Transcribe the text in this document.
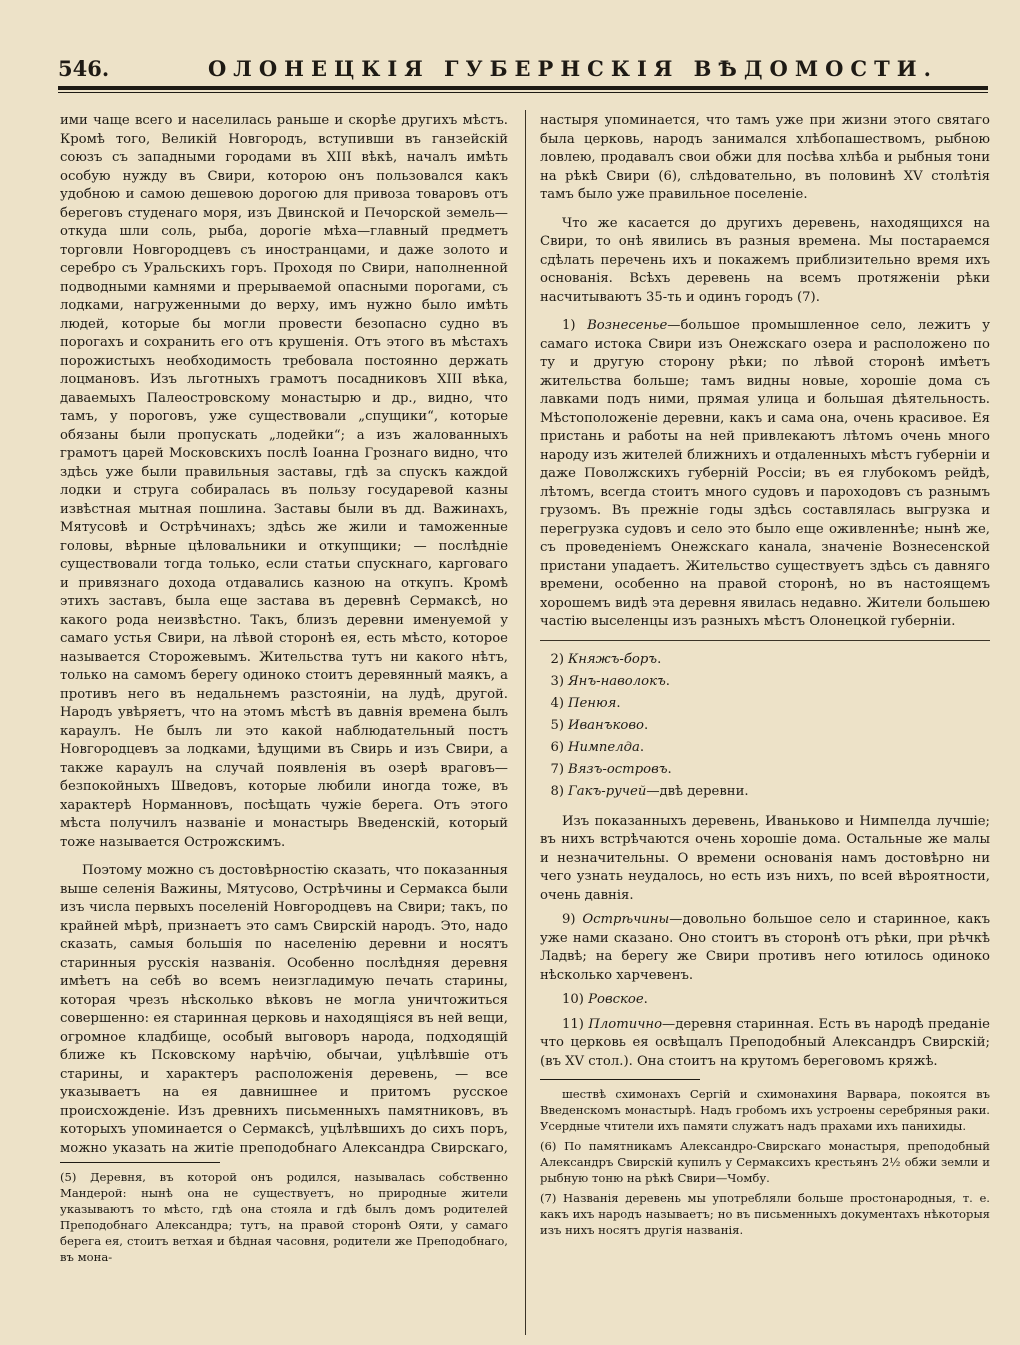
546.	ОЛОНЕЦКІЯ ГУБЕРНСКІЯ ВѢДОМОСТИ.

ими чаще всего и населилась раньше и скорѣе другихъ мѣстъ. Кромѣ того, Великій Новгородъ, вступивши въ ганзейскій союзъ съ западными городами въ XIII вѣкѣ, началъ имѣть особую нужду въ Свири, которою онъ пользовался какъ удобною и самою дешевою дорогою для привоза товаровъ отъ береговъ студенаго моря, изъ Двинской и Печорской земель—откуда шли соль, рыба, дорогіе мѣха—главный предметъ торговли Новгородцевъ съ иностранцами, и даже золото и серебро съ Уральскихъ горъ. Проходя по Свири, наполненной подводными камнями и прерываемой опасными порогами, съ лодками, нагруженными до верху, имъ нужно было имѣть людей, которые бы могли провести безопасно судно въ порогахъ и сохранить его отъ крушенія. Отъ этого въ мѣстахъ порожистыхъ необходимость требовала постоянно держать лоцмановъ. Изъ льготныхъ грамотъ посадниковъ XIII вѣка, даваемыхъ Палеостровскому монастырю и др., видно, что тамъ, у пороговъ, уже существовали „спущики“, которые обязаны были пропускать „лодейки“; а изъ жалованныхъ грамотъ царей Московскихъ послѣ Іоанна Грознаго видно, что здѣсь уже были правильныя заставы, гдѣ за спускъ каждой лодки и струга собиралась въ пользу государевой казны извѣстная мытная пошлина. Заставы были въ дд. Важинахъ, Мятусовѣ и Острѣчинахъ; здѣсь же жили и таможенные головы, вѣрные цѣловальники и откупщики; — послѣдніе существовали тогда только, если статьи спускнаго, карговаго и привязнаго дохода отдавались казною на откупъ. Кромѣ этихъ заставъ, была еще застава въ деревнѣ Сермаксѣ, но какого рода неизвѣстно. Такъ, близъ деревни именуемой у самаго устья Свири, на лѣвой сторонѣ ея, есть мѣсто, которое называется Сторожевымъ. Жительства тутъ ни какого нѣтъ, только на самомъ берегу одиноко стоитъ деревянный маякъ, а противъ него въ недальнемъ разстояніи, на лудѣ, другой. Народъ увѣряетъ, что на этомъ мѣстѣ въ давнія времена былъ караулъ. Не былъ ли это какой наблюдательный постъ Новгородцевъ за лодками, ѣдущими въ Свирь и изъ Свири, а также караулъ на случай появленія въ озерѣ враговъ—безпокойныхъ Шведовъ, которые любили иногда тоже, въ характерѣ Норманновъ, посѣщать чужіе берега. Отъ этого мѣста получилъ названіе и монастырь Введенскій, который тоже называется Острожскимъ.

Поэтому можно съ достовѣрностію сказать, что показанныя выше селенія Важины, Мятусово, Острѣчины и Сермакса были изъ числа первыхъ поселеній Новгородцевъ на Свири; такъ, по крайней мѣрѣ, признаетъ это самъ Свирскій народъ. Это, надо сказать, самыя большія по населенію деревни и носятъ старинныя русскія названія. Особенно послѣдняя деревня имѣетъ на себѣ во всемъ неизгладимую печать старины, которая чрезъ нѣсколько вѣковъ не могла уничтожиться совершенно: ея старинная церковь и находящіяся въ ней вещи, огромное кладбище, особый выговоръ народа, подходящій ближе къ Псковскому нарѣчію, обычаи, уцѣлѣвшіе отъ старины, и характеръ расположенія деревень, — все указываетъ на ея давнишнее и притомъ русское происхожденіе. Изъ древнихъ письменныхъ памятниковъ, въ которыхъ упоминается о Сермаксѣ, уцѣлѣвшихъ до сихъ поръ, можно указать на житіе преподобнаго Александра Свирскаго,

(5) Деревня, въ которой онъ родился, называлась собственно Мандерой: нынѣ она не существуетъ, но природные жители указываютъ то мѣсто, гдѣ она стояла и гдѣ былъ домъ родителей Преподобнаго Александра; тутъ, на правой сторонѣ Ояти, у самаго берега ея, стоитъ ветхая и бѣдная часовня, родители же Преподобнаго, въ мона-

настыря упоминается, что тамъ уже при жизни этого святаго была церковь, народъ занимался хлѣбопашествомъ, рыбною ловлею, продавалъ свои обжи для посѣва хлѣба и рыбныя тони на рѣкѣ Свири (6), слѣдовательно, въ половинѣ XV столѣтія тамъ было уже правильное поселеніе.

Что же касается до другихъ деревень, находящихся на Свири, то онѣ явились въ разныя времена. Мы постараемся сдѣлать перечень ихъ и покажемъ приблизительно время ихъ основанія. Всѣхъ деревень на всемъ протяженіи рѣки насчитываютъ 35-ть и одинъ городъ (7).

1) Вознесенье—большое промышленное село, лежитъ у самаго истока Свири изъ Онежскаго озера и расположено по ту и другую сторону рѣки; по лѣвой сторонѣ имѣетъ жительства больше; тамъ видны новые, хорошіе дома съ лавками подъ ними, прямая улица и большая дѣятельность. Мѣстоположеніе деревни, какъ и сама она, очень красивое. Ея пристань и работы на ней привлекаютъ лѣтомъ очень много народу изъ жителей ближнихъ и отдаленныхъ мѣстъ губерніи и даже Поволжскихъ губерній Россіи; въ ея глубокомъ рейдѣ, лѣтомъ, всегда стоитъ много судовъ и пароходовъ съ разнымъ грузомъ. Въ прежніе годы здѣсь составлялась выгрузка и перегрузка судовъ и село это было еще оживленнѣе; нынѣ же, съ проведеніемъ Онежскаго канала, значеніе Вознесенской пристани упадаетъ. Жительство существуетъ здѣсь съ давняго времени, особенно на правой сторонѣ, но въ настоящемъ хорошемъ видѣ эта деревня явилась недавно. Жители большею частію выселенцы изъ разныхъ мѣстъ Олонецкой губерніи.

2) Княжъ-боръ.
3) Янъ-наволокъ.
4) Пенюя.
5) Иванъково.
6) Нимпелда.
7) Вязъ-островъ.
8) Гакъ-ручей—двѣ деревни.

Изъ показанныхъ деревень, Иваньково и Нимпелда лучшіе; въ нихъ встрѣчаются очень хорошіе дома. Остальные же малы и незначительны. О времени основанія намъ достовѣрно ни чего узнать неудалось, но есть изъ нихъ, по всей вѣроятности, очень давнія.

9) Острѣчины—довольно большое село и старинное, какъ уже нами сказано. Оно стоитъ въ сторонѣ отъ рѣки, при рѣчкѣ Ладвѣ; на берегу же Свири противъ него ютилось одиноко нѣсколько харчевенъ.

10) Ровское.

11) Плотично—деревня старинная. Есть въ народѣ преданіе что церковь ея освѣщалъ Преподобный Александръ Свирскій; (въ XV стол.). Она стоитъ на крутомъ береговомъ кряжѣ.

шествѣ схимонахъ Сергій и схимонахиня Варвара, покоятся въ Введенскомъ монастырѣ. Надъ гробомъ ихъ устроены серебряныя раки. Усердные чтители ихъ памяти служатъ надъ прахами ихъ панихиды.

(6) По памятникамъ Александро-Свирскаго монастыря, преподобный Александръ Свирскій купилъ у Сермаксихъ крестьянъ 2½ обжи земли и рыбную тоню на рѣкѣ Свири—Чомбу.

(7) Названія деревень мы употребляли больше простонародныя, т. е. какъ ихъ народъ называетъ; но въ письменныхъ документахъ нѣкоторыя изъ нихъ носятъ другія названія.
